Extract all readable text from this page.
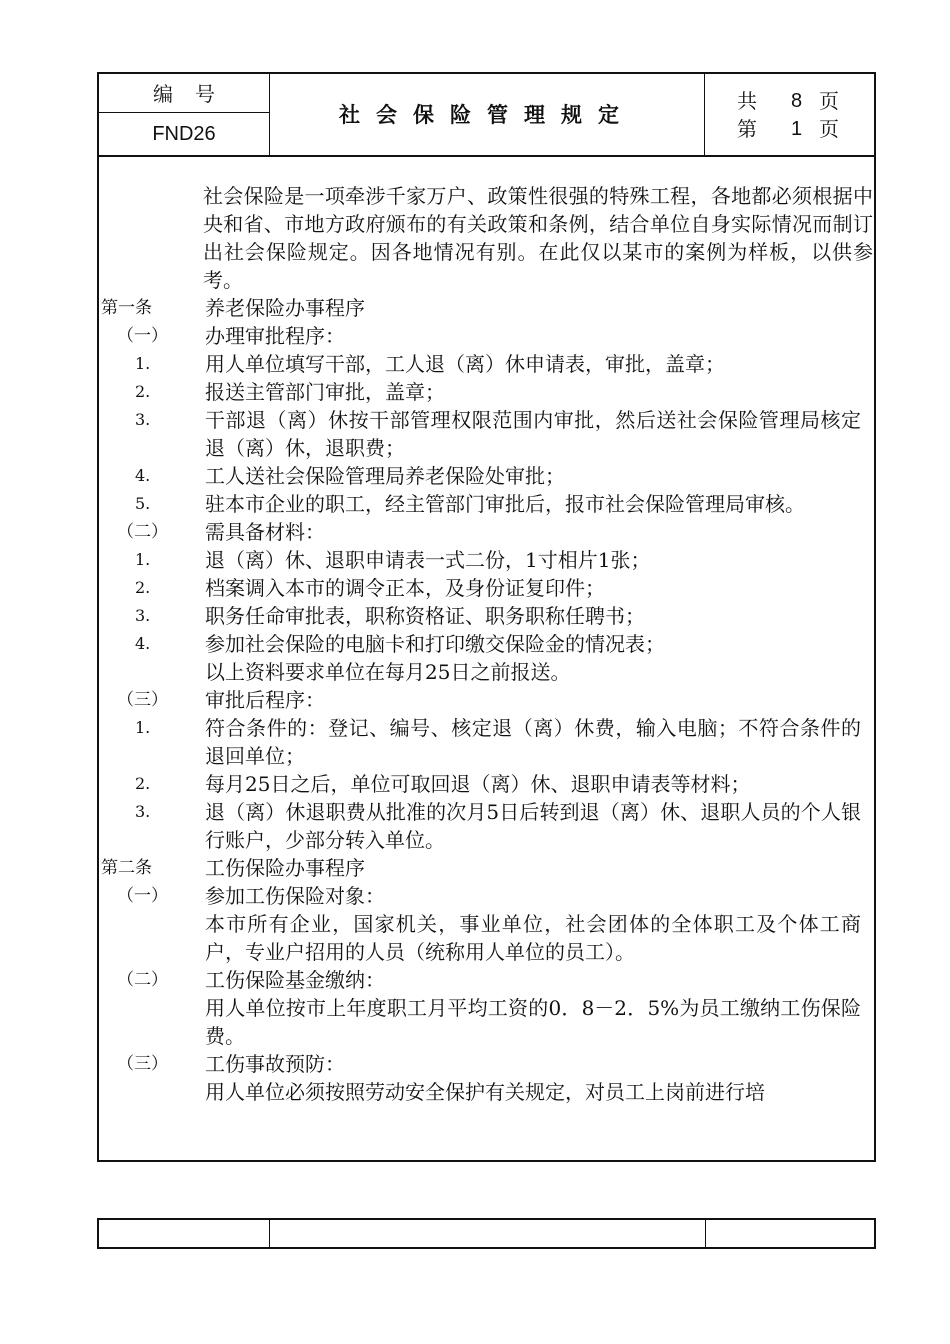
编号
FND26
社会保险管理规定
共 8 页
第 1 页
社会保险是一项牵涉千家万户、政策性很强的特殊工程，各地都必须根据中央和省、市地方政府颁布的有关政策和条例，结合单位自身实际情况而制订出社会保险规定。因各地情况有别。在此仅以某市的案例为样板，以供参考。
第一条	养老保险办事程序
（一）	办理审批程序：
1.	用人单位填写干部，工人退（离）休申请表，审批，盖章；
2.	报送主管部门审批，盖章；
3.	干部退（离）休按干部管理权限范围内审批，然后送社会保险管理局核定退（离）休，退职费；
4.	工人送社会保险管理局养老保险处审批；
5.	驻本市企业的职工，经主管部门审批后，报市社会保险管理局审核。
（二）	需具备材料：
1.	退（离）休、退职申请表一式二份，1寸相片1张；
2.	档案调入本市的调令正本，及身份证复印件；
3.	职务任命审批表，职称资格证、职务职称任聘书；
4.	参加社会保险的电脑卡和打印缴交保险金的情况表；
以上资料要求单位在每月25日之前报送。
（三）	审批后程序：
1.	符合条件的：登记、编号、核定退（离）休费，输入电脑；不符合条件的退回单位；
2.	每月25日之后，单位可取回退（离）休、退职申请表等材料；
3.	退（离）休退职费从批准的次月5日后转到退（离）休、退职人员的个人银行账户，少部分转入单位。
第二条	工伤保险办事程序
（一）	参加工伤保险对象：
本市所有企业，国家机关，事业单位，社会团体的全体职工及个体工商户，专业户招用的人员（统称用人单位的员工）。
（二）	工伤保险基金缴纳：
用人单位按市上年度职工月平均工资的0．8－2．5%为员工缴纳工伤保险费。
（三）	工伤事故预防：
用人单位必须按照劳动安全保护有关规定，对员工上岗前进行培
